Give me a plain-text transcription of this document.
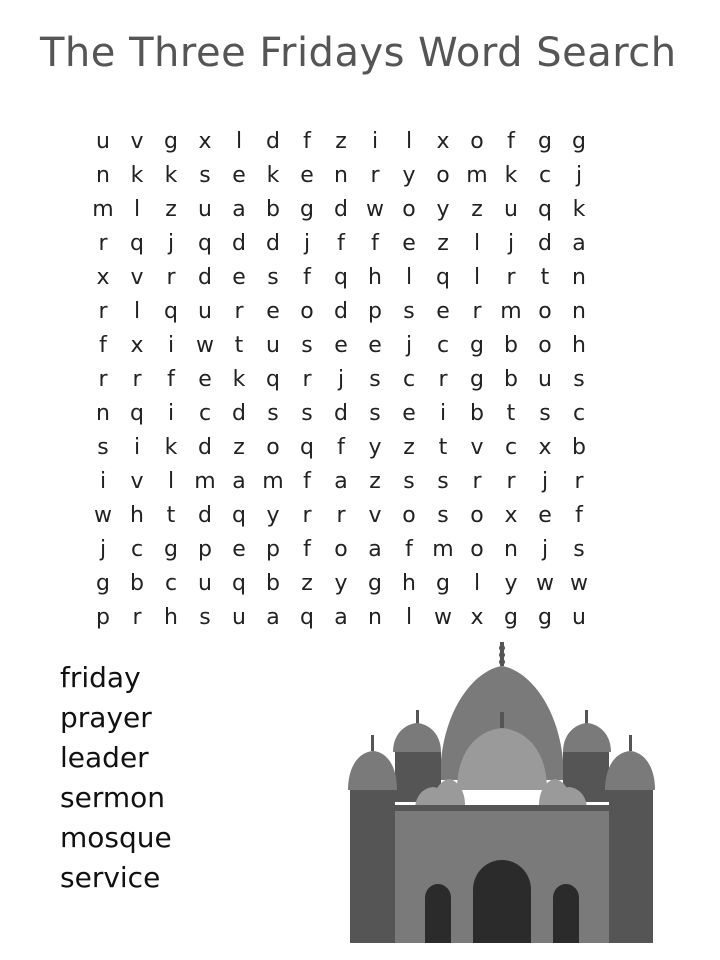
The Three Fridays Word Search
u v g x	l	d	f	z	i	l	x o	f	g g
n k k s e k e n	r	y o m k c	j
m l	z u a b g d w o y z u q k
r	q	j	q d d	j	f	f	e z	l	j	d a
x v	r	d e s	f	q h	l	q	l	r	t	n
r	l	q u	r	e o d p s e	r m o n
f	x	i w t	u s e e	j	c g b o h
r	r	f	e k q	r	j	s	c	r	g b u s
n q	i	c d s	s d s e	i	b	t	s	c
s	i	k d z o q	f	y z	t	v c x b
i	v	l m a m f	a z	s	s	r	r	j	r
w h	t	d q y	r	r	v o s o x e	f
j	c g p e p	f	o a	f m o n	j	s
g b c u q b z y g h g	l	y w w
p	r	h s u a q a n	l w x g g u
friday
prayer
leader
sermon
mosque
service
